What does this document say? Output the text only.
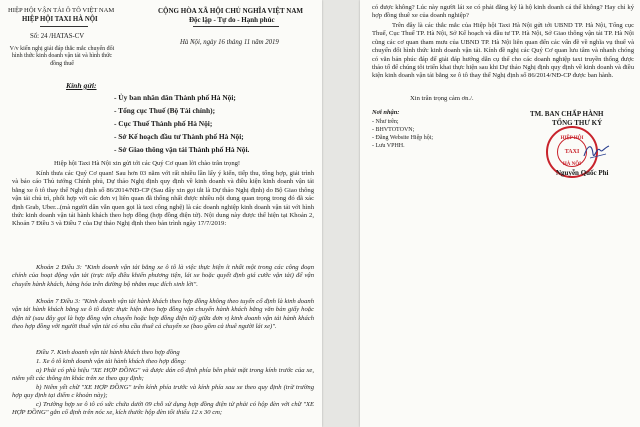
HIỆP HỘI VẬN TẢI Ô TÔ VIỆT NAM
HIỆP HỘI TAXI HÀ NỘI
CỘNG HÒA XÃ HỘI CHỦ NGHĨA VIỆT NAM
Độc lập - Tự do - Hạnh phúc
Số: 24 /HATAS-CV
Hà Nội, ngày 16 tháng 11 năm 2019
V/v kiến nghị giải đáp thắc mắc chuyển đổi hình thức kinh doanh vận tải và hình thức đồng thuế
Kính gửi:
- Ủy ban nhân dân Thành phố Hà Nội;
- Tổng cục Thuế (Bộ Tài chính);
- Cục Thuế Thành phố Hà Nội;
- Sở Kế hoạch đầu tư Thành phố Hà Nội;
- Sở Giao thông vận tải Thành phố Hà Nội.
Hiệp hội Taxi Hà Nội xin gửi tới các Quý Cơ quan lời chào trân trọng!
Kính thưa các Quý Cơ quan! Sau hơn 03 năm với rất nhiều lần lấy ý kiến, tiếp thu, tổng hợp, giải trình và báo cáo Thủ tướng Chính phủ, Dự thảo Nghị định quy định về kinh doanh và điều kiện kinh doanh vận tải bằng xe ô tô thay thế Nghị định số 86/2014/NĐ-CP (Sau đây xin gọi tắt là Dự thảo Nghị định) do Bộ Giao thông vận tải chủ trì, phối hợp với các đơn vị liên quan đã thống nhất được nhiều nội dung quan trọng trong đó đã xác định Grab, Uber...(mà người dân vẫn quen gọi là taxi công nghệ) là các doanh nghiệp kinh doanh vận tải với hình thức kinh doanh vận tải hành khách theo hợp đồng (hợp đồng điện tử). Nội dung này được thể hiện tại Khoản 2, Khoản 7 Điều 3 và Điều 7 của Dự thảo Nghị định theo bản trình ngày 17/7/2019:
Khoản 2 Điều 3: "Kinh doanh vận tải bằng xe ô tô là việc thực hiện ít nhất một trong các công đoạn chính của hoạt động vận tải (trực tiếp điều khiển phương tiện, lái xe hoặc quyết định giá cước vận tải) để vận chuyển hành khách, hàng hóa trên đường bộ nhằm mục đích sinh lời".
Khoản 7 Điều 3: "Kinh doanh vận tải hành khách theo hợp đồng không theo tuyến cố định là kinh doanh vận tải hành khách bằng xe ô tô được thực hiện theo hợp đồng vận chuyển hành khách bằng văn bản giấy hoặc điện tử (sau đây gọi là hợp đồng vận chuyển hoặc hợp đồng điện tử) giữa đơn vị kinh doanh vận tải hành khách theo hợp đồng với người thuê vận tải có nhu cầu thuê cả chuyến xe (bao gồm cả thuê người lái xe)".
Điều 7. Kinh doanh vận tải hành khách theo hợp đồng
1. Xe ô tô kinh doanh vận tải hành khách theo hợp đồng:
a) Phải có phù hiệu "XE HỢP ĐỒNG" và được dán cố định phía bên phải mặt trong kính trước của xe, niêm yết các thông tin khác trên xe theo quy định;
b) Niêm yết chữ "XE HỢP ĐỒNG" trên kính phía trước và kính phía sau xe theo quy định (trừ trường hợp quy định tại điểm c khoản này);
c) Trường hợp xe ô tô có sức chứa dưới 09 chỗ sử dụng hợp đồng điện tử phải có hộp đèn với chữ "XE HỢP ĐỒNG" gắn cố định trên nóc xe, kích thước hộp đèn tối thiểu 12 x 30 cm;
có được không? Lúc này người lái xe có phải đăng ký là hộ kinh doanh cá thể không? Hay chỉ ký hợp đồng thuê xe của doanh nghiệp?
Trên đây là các thắc mắc của Hiệp hội Taxi Hà Nội gửi tới UBND TP. Hà Nội, Tổng cục Thuế, Cục Thuế TP. Hà Nội, Sở Kế hoạch và đầu tư TP. Hà Nội, Sở Giao thông vận tải TP. Hà Nội cũng các cơ quan tham mưu của UBND TP. Hà Nội liên quan đến các vấn đề về nghĩa vụ thuế và chuyển đổi hình thức kinh doanh vận tải. Kính đề nghị các Quý Cơ quan lưu tâm và nhanh chóng có văn bản phúc đáp để giải đáp hướng dẫn cụ thể cho các doanh nghiệp taxi truyền thống được thảo tố để chúng tôi triển khai thực hiện sau khi Dự thảo Nghị định quy định về kinh doanh và điều kiện kinh doanh vận tải bằng xe ô tô thay thế Nghị định số 86/2014/NĐ-CP được ban hành.
Xin trân trọng cảm ơn./.
Nơi nhận:
- Như trên;
- BHVTOTOVN;
- Đăng Website Hiệp hội;
- Lưu VPHH.
TM. BAN CHẤP HÀNH
TỔNG THƯ KÝ
HIỆP HỘI
TAXI
HÀ NỘI
Nguyễn Quốc Phi
